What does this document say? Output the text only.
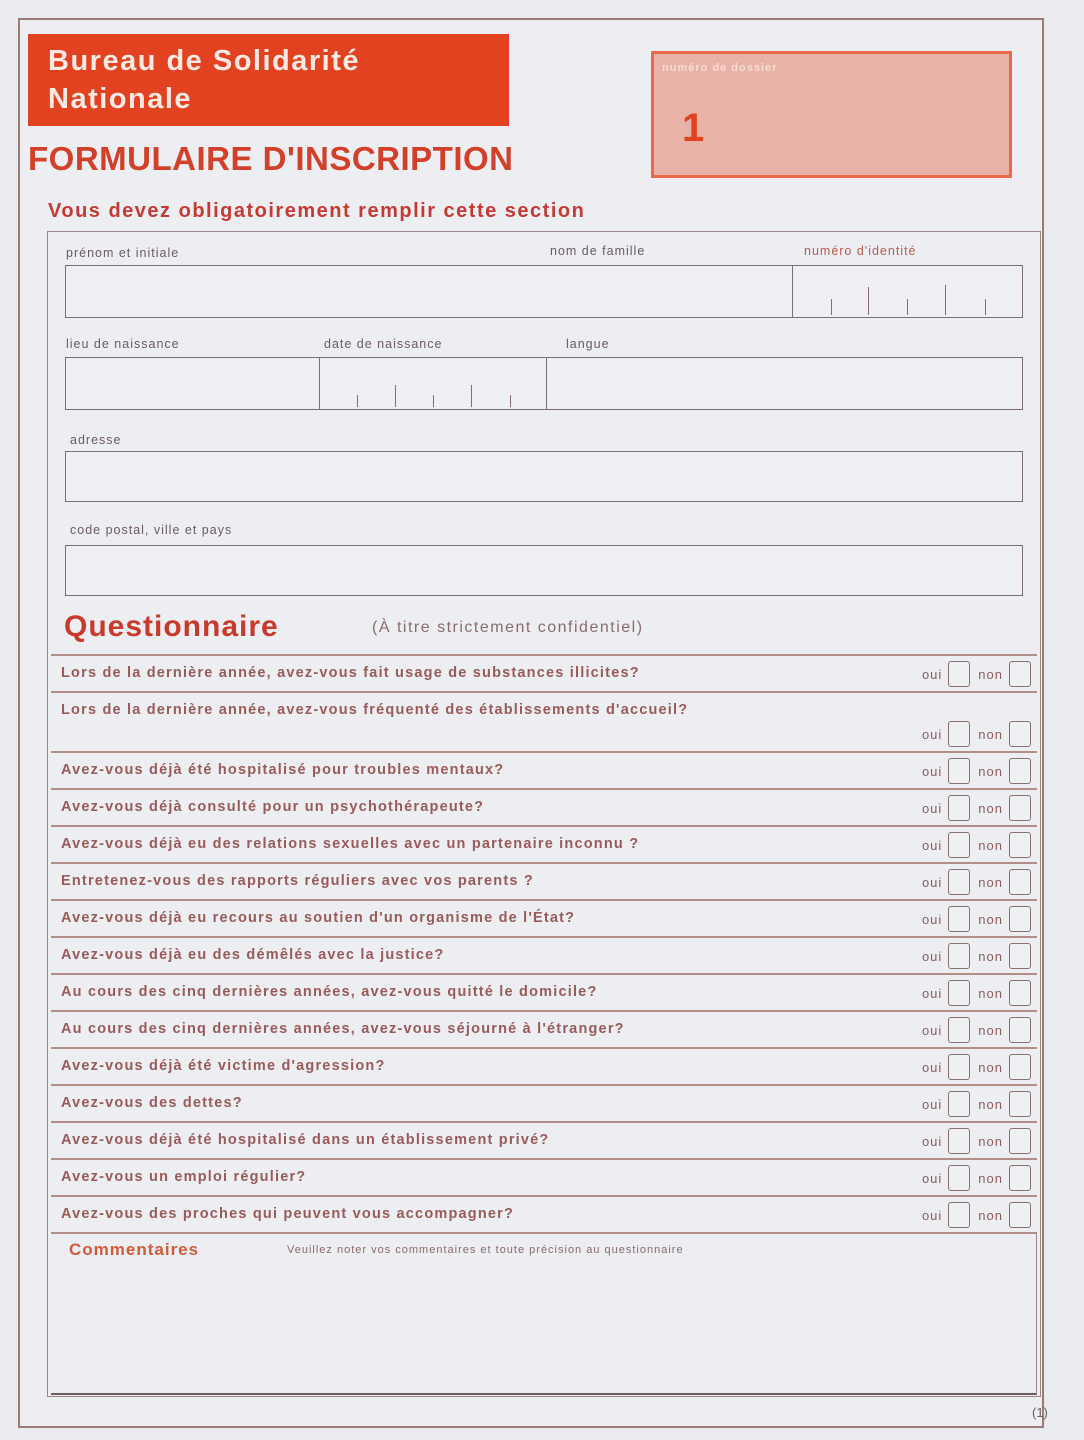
Bureau de Solidarité
Nationale
FORMULAIRE D'INSCRIPTION
numéro de dossier
1
Vous devez obligatoirement remplir cette section
prénom et initiale	nom de famille	numéro d'identité
lieu de naissance	date de naissance	langue
adresse
code postal, ville et pays
Questionnaire	(À titre strictement confidentiel)
Lors de la dernière année, avez-vous fait usage de substances illicites?	oui	non
Lors de la dernière année, avez-vous fréquenté des établissements d'accueil?
oui	non
Avez-vous déjà été hospitalisé pour troubles mentaux?	oui	non
Avez-vous déjà consulté pour un psychothérapeute?	oui	non
Avez-vous déjà eu des relations sexuelles avec un partenaire inconnu ?	oui	non
Entretenez-vous des rapports réguliers avec vos parents ?	oui	non
Avez-vous déjà eu recours au soutien d'un organisme de l'État?	oui	non
Avez-vous déjà eu des démêlés avec la justice?	oui	non
Au cours des cinq dernières années, avez-vous quitté le domicile?	oui	non
Au cours des cinq dernières années, avez-vous séjourné à l'étranger?	oui	non
Avez-vous déjà été victime d'agression?	oui	non
Avez-vous des dettes?	oui	non
Avez-vous déjà été hospitalisé dans un établissement privé?	oui	non
Avez-vous un emploi régulier?	oui	non
Avez-vous des proches qui peuvent vous accompagner?	oui	non
Commentaires	Veuillez noter vos commentaires et toute précision au questionnaire
(1)
